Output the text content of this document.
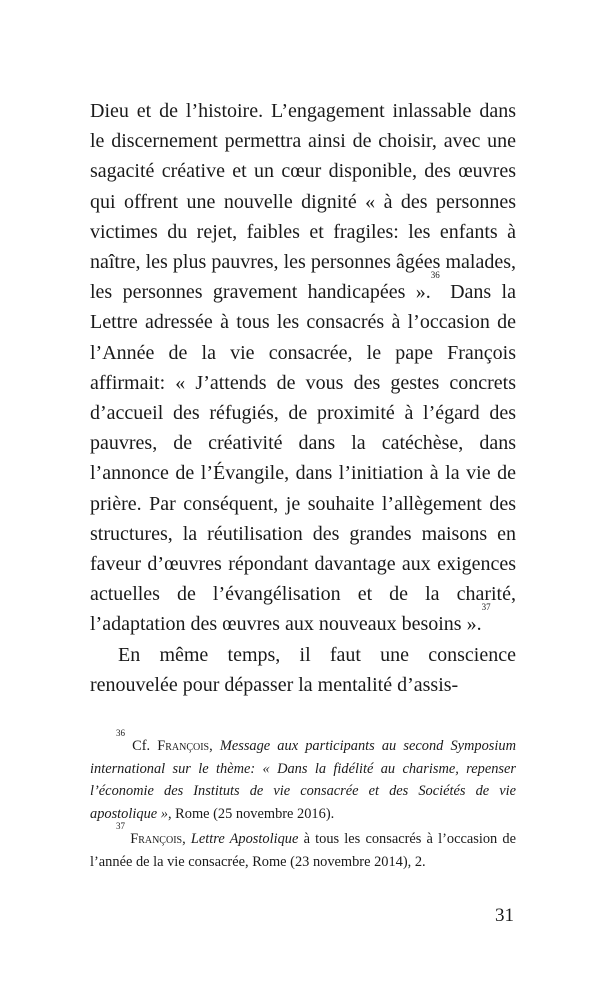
Dieu et de l’histoire. L’engagement inlassable dans le discernement permettra ainsi de choisir, avec une sagacité créative et un cœur disponible, des œuvres qui offrent une nouvelle dignité « à des personnes victimes du rejet, faibles et fragiles: les enfants à naître, les plus pauvres, les personnes âgées malades, les personnes gravement handicapées ».$^{36}$ Dans la Lettre adressée à tous les consacrés à l’occasion de l’Année de la vie consacrée, le pape François affirmait: « J’attends de vous des gestes concrets d’accueil des réfugiés, de proximité à l’égard des pauvres, de créativité dans la catéchèse, dans l’annonce de l’Évangile, dans l’initiation à la vie de prière. Par conséquent, je souhaite l’allègement des structures, la réutilisation des grandes maisons en faveur d’œuvres répondant davantage aux exigences actuelles de l’évangélisation et de la charité, l’adaptation des œuvres aux nouveaux besoins ».$^{37}$

En même temps, il faut une conscience renouvelée pour dépasser la mentalité d’assis-

$^{36}$ Cf. François, Message aux participants au second Symposium international sur le thème: « Dans la fidélité au charisme, repenser l’économie des Instituts de vie consacrée et des Sociétés de vie apostolique », Rome (25 novembre 2016).

$^{37}$ François, Lettre Apostolique à tous les consacrés à l’occasion de l’année de la vie consacrée, Rome (23 novembre 2014), 2.

31
